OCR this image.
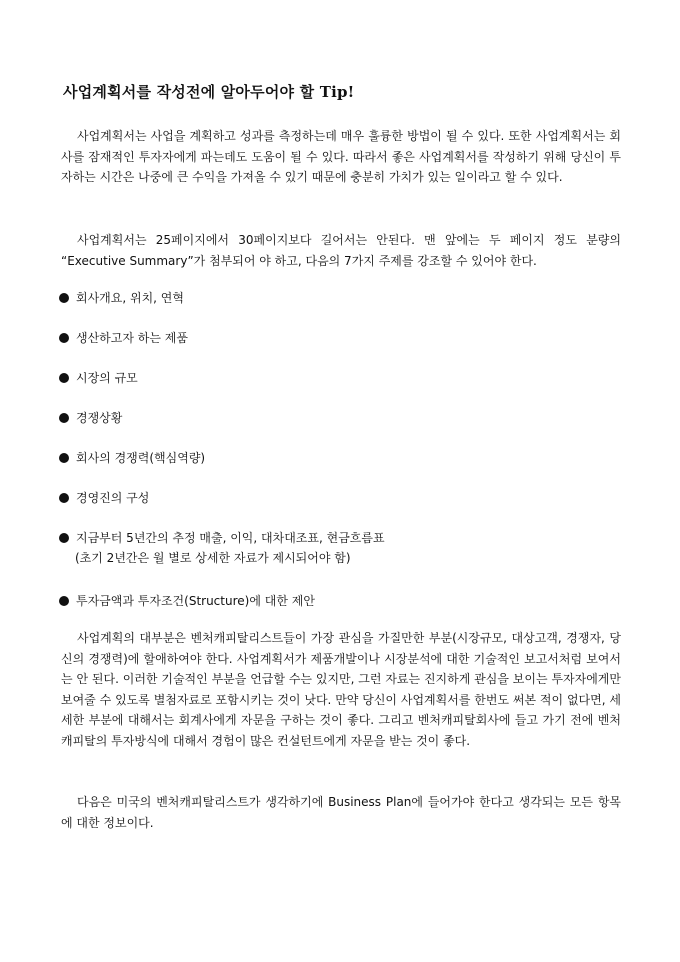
사업계획서를 작성전에 알아두어야 할 Tip!

사업계획서는 사업을 계획하고 성과를 측정하는데 매우 훌륭한 방법이 될 수 있다. 또한 사업계획서는 회사를 잠재적인 투자자에게 파는데도 도움이 될 수 있다. 따라서 좋은 사업계획서를 작성하기 위해 당신이 투자하는 시간은 나중에 큰 수익을 가져올 수 있기 때문에 충분히 가치가 있는 일이라고 할 수 있다.

사업계획서는 25페이지에서 30페이지보다 길어서는 안된다. 맨 앞에는 두 페이지 정도 분량의 “Executive Summary”가 첨부되어 야 하고, 다음의 7가지 주제를 강조할 수 있어야 한다.

회사개요, 위치, 연혁
생산하고자 하는 제품
시장의 규모
경쟁상황
회사의 경쟁력(핵심역량)
경영진의 구성
지금부터 5년간의 추정 매출, 이익, 대차대조표, 현금흐름표
(초기 2년간은 월 별로 상세한 자료가 제시되어야 함)
투자금액과 투자조건(Structure)에 대한 제안

사업계획의 대부분은 벤처캐피탈리스트들이 가장 관심을 가질만한 부분(시장규모, 대상고객, 경쟁자, 당신의 경쟁력)에 할애하여야 한다. 사업계획서가 제품개발이나 시장분석에 대한 기술적인 보고서처럼 보여서는 안 된다. 이러한 기술적인 부분을 언급할 수는 있지만, 그런 자료는 진지하게 관심을 보이는 투자자에게만 보여줄 수 있도록 별첨자료로 포함시키는 것이 낫다. 만약 당신이 사업계획서를 한번도 써본 적이 없다면, 세세한 부분에 대해서는 회계사에게 자문을 구하는 것이 좋다. 그리고 벤처캐피탈회사에 들고 가기 전에 벤처캐피탈의 투자방식에 대해서 경험이 많은 컨설턴트에게 자문을 받는 것이 좋다.

다음은 미국의 벤처캐피탈리스트가 생각하기에 Business Plan에 들어가야 한다고 생각되는 모든 항목에 대한 정보이다.
